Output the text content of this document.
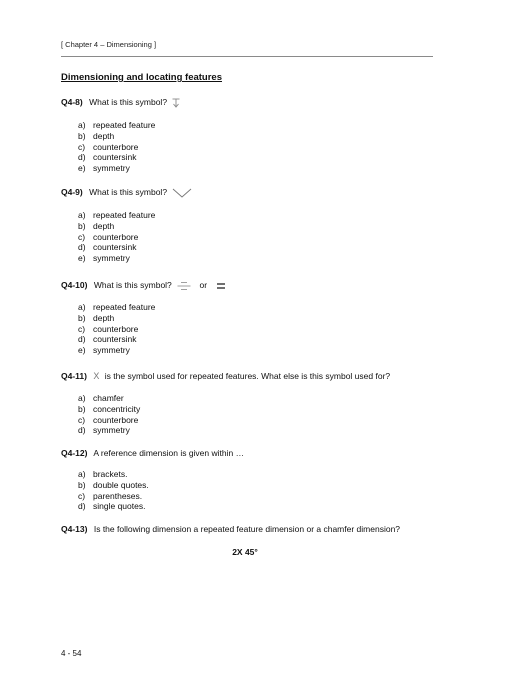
[ Chapter 4 – Dimensioning ]
Dimensioning and locating features
Q4-8) What is this symbol?
a) repeated feature
b) depth
c) counterbore
d) countersink
e) symmetry
Q4-9) What is this symbol?
a) repeated feature
b) depth
c) counterbore
d) countersink
e) symmetry
Q4-10) What is this symbol?	or
a) repeated feature
b) depth
c) counterbore
d) countersink
e) symmetry
Q4-11) X is the symbol used for repeated features. What else is this symbol used for?
a) chamfer
b) concentricity
c) counterbore
d) symmetry
Q4-12) A reference dimension is given within …
a) brackets.
b) double quotes.
c) parentheses.
d) single quotes.
Q4-13) Is the following dimension a repeated feature dimension or a chamfer dimension?
2X 45°
4 - 54
